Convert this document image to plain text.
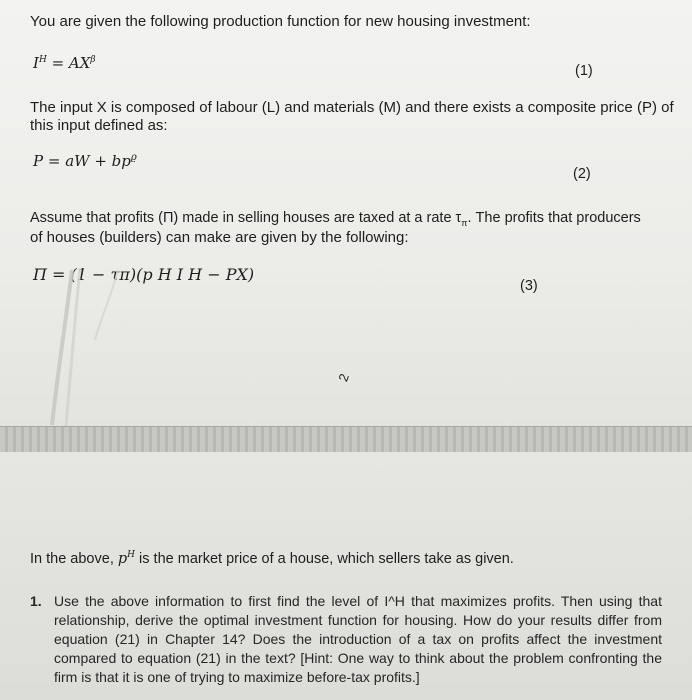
You are given the following production function for new housing investment:
$I^H = AX^\beta$
(1)
The input X is composed of labour (L) and materials (M) and there exists a composite price (P) of
this input defined as:
P = aW + $bp^ϱ$
(2)
Assume that profits (Π) made in selling houses are taxed at a rate $\tau_\pi$. The profits that producers
of houses (builders) can make are given by the following:
Π = (1 − τπ)(p H I H − PX)
(3)
2
In the above, $p^H$ is the market price of a house, which sellers take as given.
1. Use the above information to first find the level of I^H that maximizes profits. Then using that relationship, derive the optimal investment function for housing. How do your results differ from equation (21) in Chapter 14? Does the introduction of a tax on profits affect the investment compared to equation (21) in the text? [Hint: One way to think about the problem confronting the firm is that it is one of trying to maximize before-tax profits.]
